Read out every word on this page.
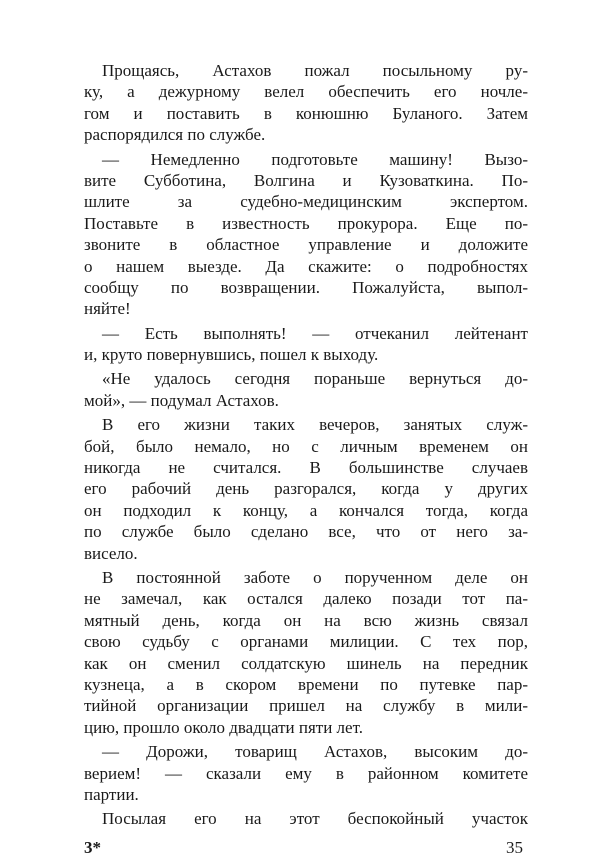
Прощаясь, Астахов пожал посыльному ру-
ку, а дежурному велел обеспечить его ночле-
гом и поставить в конюшню Буланого. Затем
распорядился по службе.
— Немедленно подготовьте машину! Вызо-
вите Субботина, Волгина и Кузоваткина. По-
шлите за судебно-медицинским экспертом.
Поставьте в известность прокурора. Еще по-
звоните в областное управление и доложите
о нашем выезде. Да скажите: о подробностях
сообщу по возвращении. Пожалуйста, выпол-
няйте!
— Есть выполнять! — отчеканил лейтенант
и, круто повернувшись, пошел к выходу.
«Не удалось сегодня пораньше вернуться до-
мой», — подумал Астахов.
В его жизни таких вечеров, занятых служ-
бой, было немало, но с личным временем он
никогда не считался. В большинстве случаев
его рабочий день разгорался, когда у других
он подходил к концу, а кончался тогда, когда
по службе было сделано все, что от него за-
висело.
В постоянной заботе о порученном деле он
не замечал, как остался далеко позади тот па-
мятный день, когда он на всю жизнь связал
свою судьбу с органами милиции. С тех пор,
как он сменил солдатскую шинель на передник
кузнеца, а в скором времени по путевке пар-
тийной организации пришел на службу в мили-
цию, прошло около двадцати пяти лет.
— Дорожи, товарищ Астахов, высоким до-
верием! — сказали ему в районном комитете
партии.
Посылая его на этот беспокойный участок
3*	35
